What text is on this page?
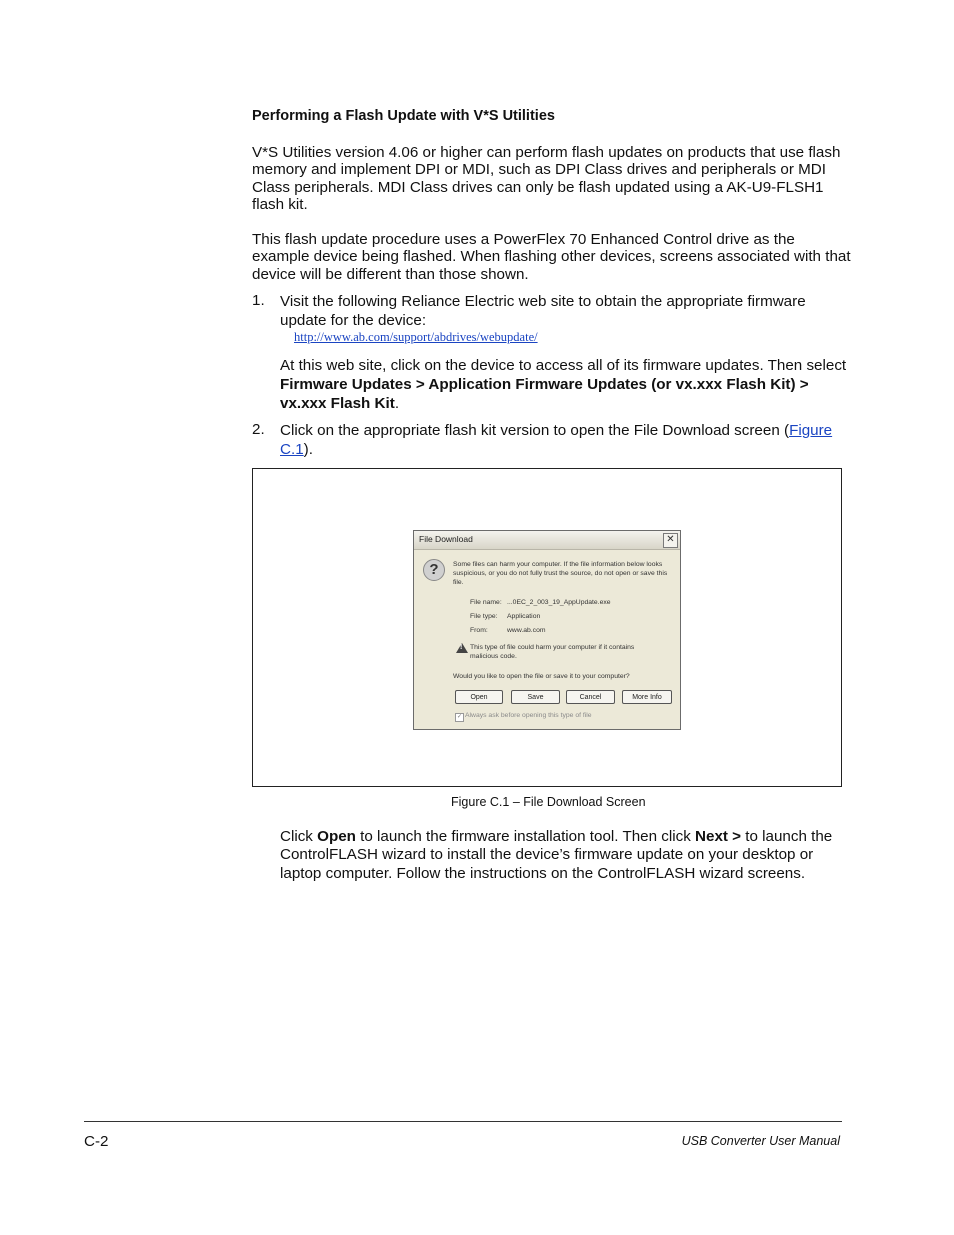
Performing a Flash Update with V*S Utilities
V*S Utilities version 4.06 or higher can perform flash updates on products that use flash memory and implement DPI or MDI, such as DPI Class drives and peripherals or MDI Class peripherals. MDI Class drives can only be flash updated using a AK-U9-FLSH1 flash kit.
This flash update procedure uses a PowerFlex 70 Enhanced Control drive as the example device being flashed. When flashing other devices, screens associated with that device will be different than those shown.
1. Visit the following Reliance Electric web site to obtain the appropriate firmware update for the device:
http://www.ab.com/support/abdrives/webupdate/
At this web site, click on the device to access all of its firmware updates. Then select Firmware Updates > Application Firmware Updates (or vx.xxx Flash Kit) > vx.xxx Flash Kit.
2. Click on the appropriate flash kit version to open the File Download screen (Figure C.1).
File Download	✕
?	Some files can harm your computer. If the file information below looks suspicious, or you do not fully trust the source, do not open or save this file.
File name: ...0EC_2_003_19_AppUpdate.exe
File type: Application
From:	www.ab.com
!
This type of file could harm your computer if it contains malicious code.
Would you like to open the file or save it to your computer?
Open	Save	Cancel	More Info
✓ Always ask before opening this type of file
Figure C.1 – File Download Screen
Click Open to launch the firmware installation tool. Then click Next > to launch the ControlFLASH wizard to install the device’s firmware update on your desktop or laptop computer. Follow the instructions on the ControlFLASH wizard screens.
C-2	USB Converter User Manual
